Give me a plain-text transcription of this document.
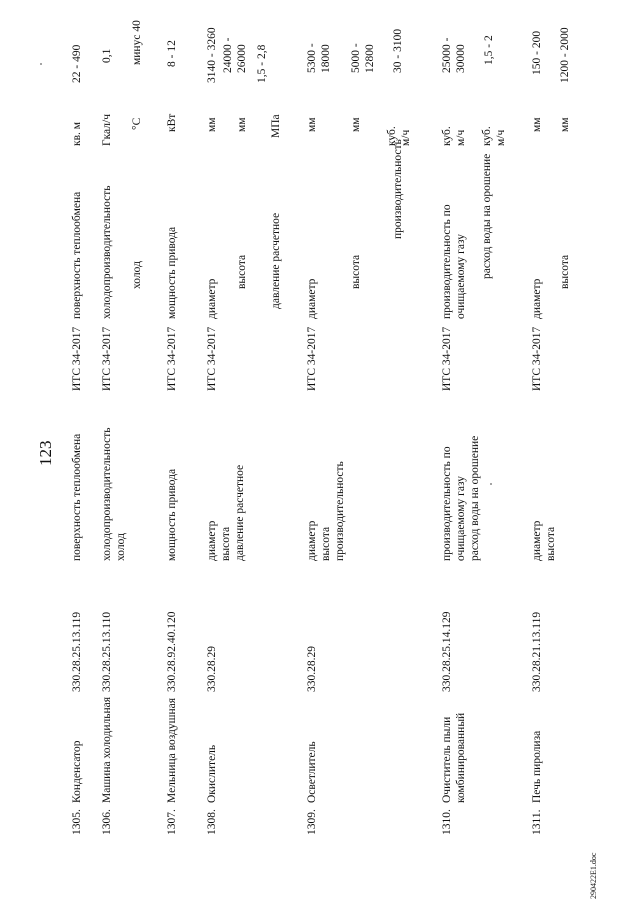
123
290422E1.doc
1305.
Конденсатор
330.28.25.13.119
поверхность теплообмена
ИТС 34-2017
поверхность теплообмена
кв. м
22 - 490
1306.
Машина холодильная
330.28.25.13.110
холодопроизводительность холод
ИТС 34-2017
холодопроизводительность холод
Гкал/ч °С
0,1 минус 40
1307.
Мельница воздушная
330.28.92.40.120
мощность привода
ИТС 34-2017
мощность привода
кВт
8 - 12
1308.
Окислитель
330.28.29
диаметр высота давление расчетное
ИТС 34-2017
диаметр
высота давление расчетное
мм мм МПа
3140 - 3260 24000 - 26000 1,5 - 2,8
1309.
Осветлитель
330.28.29
диаметр высота производительность
ИТС 34-2017
диаметр
высота
производительность
мм	мм
куб. м/ч
5300 - 18000 5000 - 12800 30 - 3100
1310.
Очиститель пыли комбинированный
330.28.25.14.129
производительность по очищаемому газу расход воды на орошение
ИТС 34-2017
производительность по очищаемому газу расход воды на орошение
куб. м/ч куб. м/ч
25000 - 30000 1,5 - 2
1311.
Печь пиролиза
330.28.21.13.119
диаметр высота
ИТС 34-2017
диаметр
высота
мм мм
150 - 200 1200 - 2000
